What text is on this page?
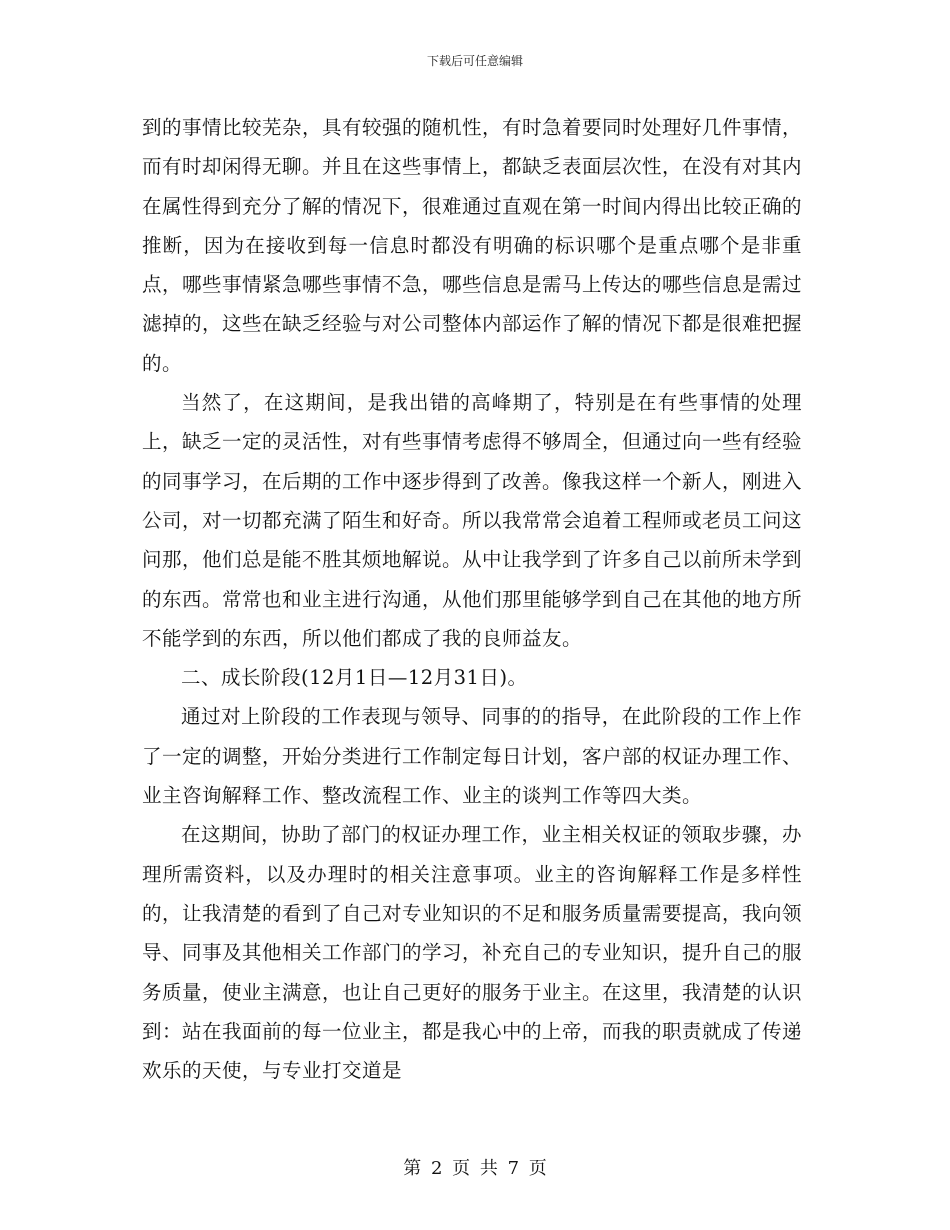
下载后可任意编辑

到的事情比较芜杂，具有较强的随机性，有时急着要同时处理好几件事情，而有时却闲得无聊。并且在这些事情上，都缺乏表面层次性，在没有对其内在属性得到充分了解的情况下，很难通过直观在第一时间内得出比较正确的推断，因为在接收到每一信息时都没有明确的标识哪个是重点哪个是非重点，哪些事情紧急哪些事情不急，哪些信息是需马上传达的哪些信息是需过滤掉的，这些在缺乏经验与对公司整体内部运作了解的情况下都是很难把握的。

当然了，在这期间，是我出错的高峰期了，特别是在有些事情的处理上，缺乏一定的灵活性，对有些事情考虑得不够周全，但通过向一些有经验的同事学习，在后期的工作中逐步得到了改善。像我这样一个新人，刚进入公司，对一切都充满了陌生和好奇。所以我常常会追着工程师或老员工问这问那，他们总是能不胜其烦地解说。从中让我学到了许多自己以前所未学到的东西。常常也和业主进行沟通，从他们那里能够学到自己在其他的地方所不能学到的东西，所以他们都成了我的良师益友。

二、成长阶段(12月1日—12月31日)。

通过对上阶段的工作表现与领导、同事的的指导，在此阶段的工作上作了一定的调整，开始分类进行工作制定每日计划，客户部的权证办理工作、业主咨询解释工作、整改流程工作、业主的谈判工作等四大类。

在这期间，协助了部门的权证办理工作，业主相关权证的领取步骤，办理所需资料，以及办理时的相关注意事项。业主的咨询解释工作是多样性的，让我清楚的看到了自己对专业知识的不足和服务质量需要提高，我向领导、同事及其他相关工作部门的学习，补充自己的专业知识，提升自己的服务质量，使业主满意，也让自己更好的服务于业主。在这里，我清楚的认识到：站在我面前的每一位业主，都是我心中的上帝，而我的职责就成了传递欢乐的天使，与专业打交道是

第 2 页 共 7 页
